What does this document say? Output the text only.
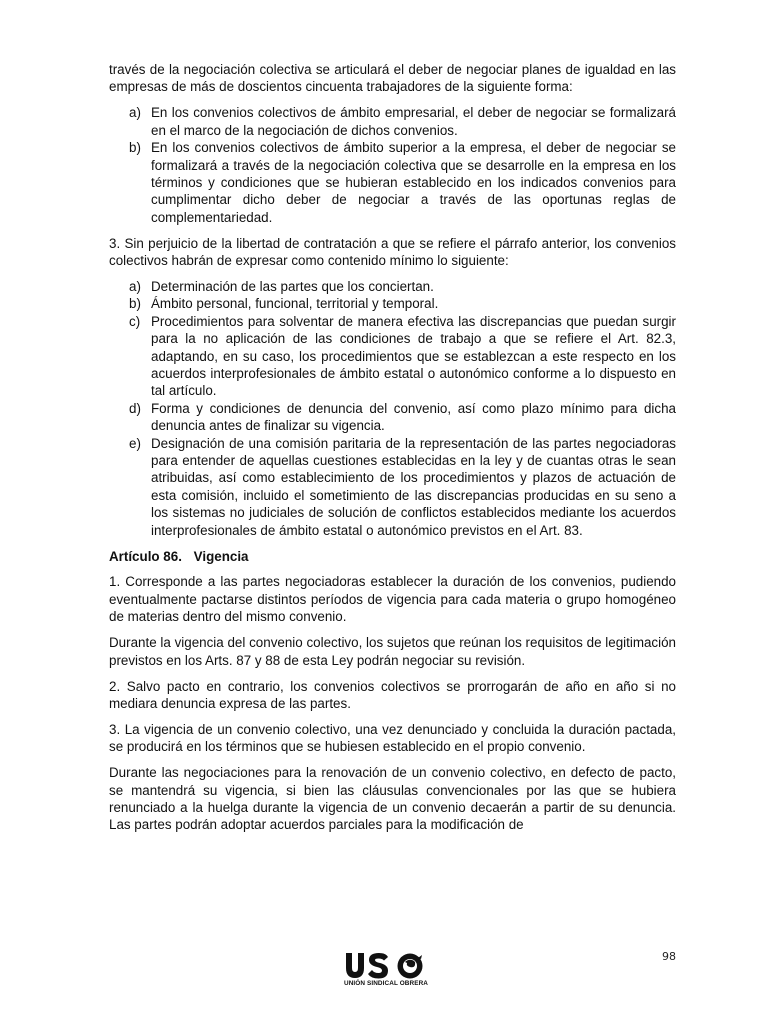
través de la negociación colectiva se articulará el deber de negociar planes de igualdad en las empresas de más de doscientos cincuenta trabajadores de la siguiente forma:

a) En los convenios colectivos de ámbito empresarial, el deber de negociar se formalizará en el marco de la negociación de dichos convenios.
b) En los convenios colectivos de ámbito superior a la empresa, el deber de negociar se formalizará a través de la negociación colectiva que se desarrolle en la empresa en los términos y condiciones que se hubieran establecido en los indicados convenios para cumplimentar dicho deber de negociar a través de las oportunas reglas de complementariedad.

3. Sin perjuicio de la libertad de contratación a que se refiere el párrafo anterior, los convenios colectivos habrán de expresar como contenido mínimo lo siguiente:

a) Determinación de las partes que los conciertan.
b) Ámbito personal, funcional, territorial y temporal.
c) Procedimientos para solventar de manera efectiva las discrepancias que puedan surgir para la no aplicación de las condiciones de trabajo a que se refiere el Art. 82.3, adaptando, en su caso, los procedimientos que se establezcan a este respecto en los acuerdos interprofesionales de ámbito estatal o autonómico conforme a lo dispuesto en tal artículo.
d) Forma y condiciones de denuncia del convenio, así como plazo mínimo para dicha denuncia antes de finalizar su vigencia.
e) Designación de una comisión paritaria de la representación de las partes negociadoras para entender de aquellas cuestiones establecidas en la ley y de cuantas otras le sean atribuidas, así como establecimiento de los procedimientos y plazos de actuación de esta comisión, incluido el sometimiento de las discrepancias producidas en su seno a los sistemas no judiciales de solución de conflictos establecidos mediante los acuerdos interprofesionales de ámbito estatal o autonómico previstos en el Art. 83.

Artículo 86. Vigencia

1. Corresponde a las partes negociadoras establecer la duración de los convenios, pudiendo eventualmente pactarse distintos períodos de vigencia para cada materia o grupo homogéneo de materias dentro del mismo convenio.

Durante la vigencia del convenio colectivo, los sujetos que reúnan los requisitos de legitimación previstos en los Arts. 87 y 88 de esta Ley podrán negociar su revisión.

2. Salvo pacto en contrario, los convenios colectivos se prorrogarán de año en año si no mediara denuncia expresa de las partes.

3. La vigencia de un convenio colectivo, una vez denunciado y concluida la duración pactada, se producirá en los términos que se hubiesen establecido en el propio convenio.

Durante las negociaciones para la renovación de un convenio colectivo, en defecto de pacto, se mantendrá su vigencia, si bien las cláusulas convencionales por las que se hubiera renunciado a la huelga durante la vigencia de un convenio decaerán a partir de su denuncia. Las partes podrán adoptar acuerdos parciales para la modificación de

98
UNIÓN SINDICAL OBRERA
